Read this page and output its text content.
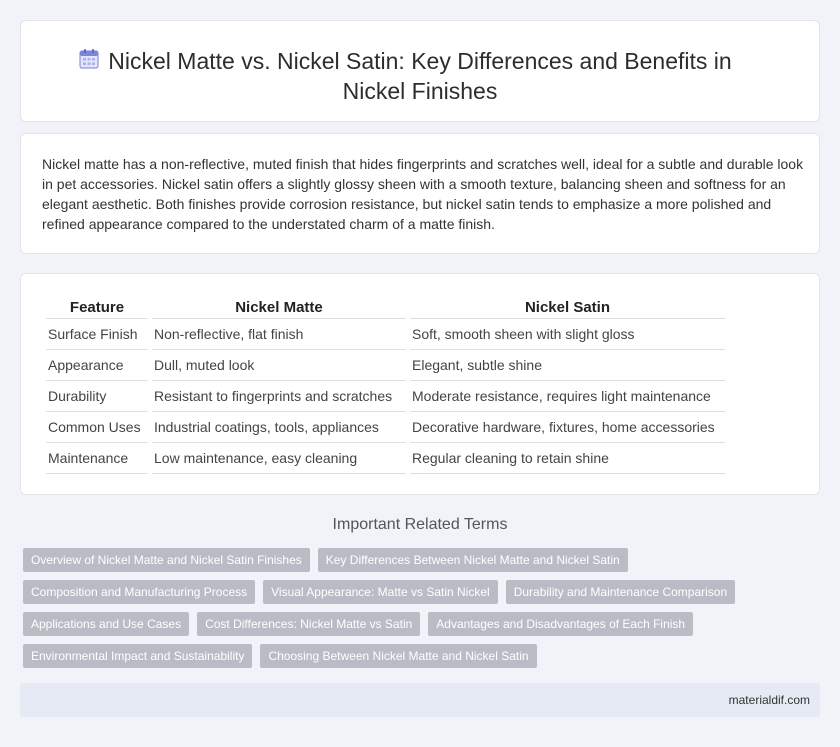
Nickel Matte vs. Nickel Satin: Key Differences and Benefits in
Nickel Finishes

Nickel matte has a non-reflective, muted finish that hides fingerprints and scratches well, ideal for a subtle and durable look in pet accessories. Nickel satin offers a slightly glossy sheen with a smooth texture, balancing sheen and softness for an elegant aesthetic. Both finishes provide corrosion resistance, but nickel satin tends to emphasize a more polished and refined appearance compared to the understated charm of a matte finish.

Feature	Nickel Matte	Nickel Satin
Surface Finish	Non-reflective, flat finish	Soft, smooth sheen with slight gloss
Appearance	Dull, muted look	Elegant, subtle shine
Durability	Resistant to fingerprints and scratches	Moderate resistance, requires light maintenance
Common Uses	Industrial coatings, tools, appliances	Decorative hardware, fixtures, home accessories
Maintenance	Low maintenance, easy cleaning	Regular cleaning to retain shine
Important Related Terms
Overview of Nickel Matte and Nickel Satin Finishes	Key Differences Between Nickel Matte and Nickel Satin
Composition and Manufacturing Process	Visual Appearance: Matte vs Satin Nickel	Durability and Maintenance Comparison
Applications and Use Cases	Cost Differences: Nickel Matte vs Satin	Advantages and Disadvantages of Each Finish
Environmental Impact and Sustainability	Choosing Between Nickel Matte and Nickel Satin
materialdif.com
